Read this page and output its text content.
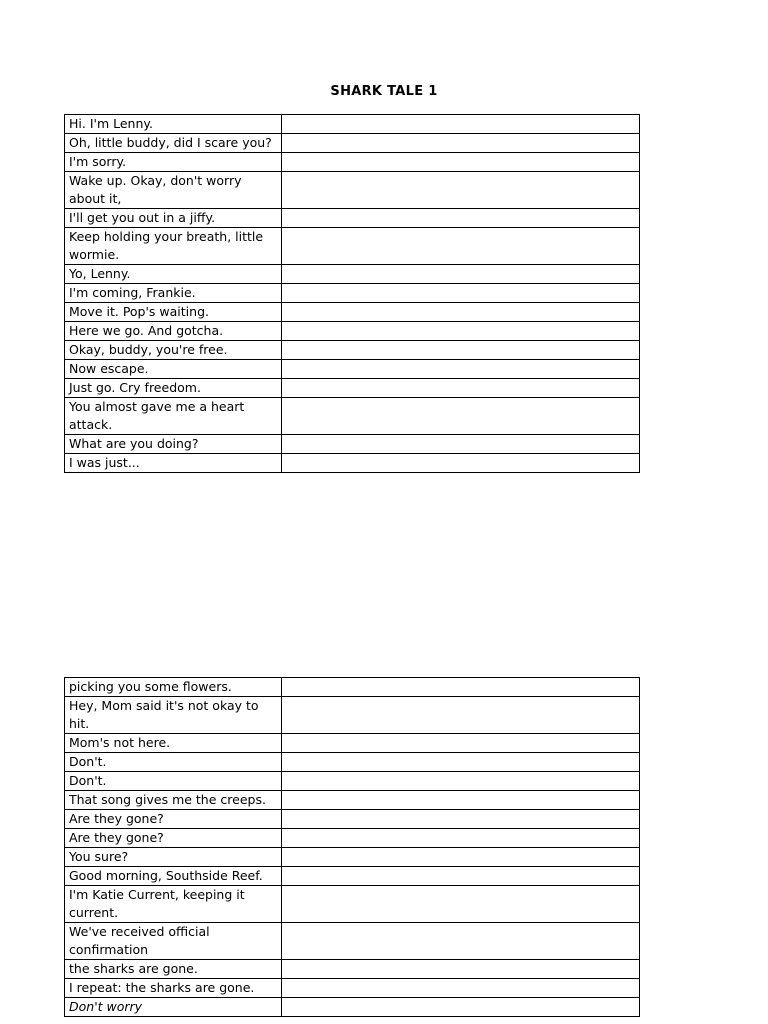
SHARK TALE 1
Hi. I'm Lenny.	
Oh, little buddy, did I scare you?	
I'm sorry.	
Wake up. Okay, don't worry about it,	
I'll get you out in a jiffy.	
Keep holding your breath, little wormie.	
Yo, Lenny.	
I'm coming, Frankie.	
Move it. Pop's waiting.	
Here we go. And gotcha.	
Okay, buddy, you're free.	
Now escape.	
Just go. Cry freedom.	
You almost gave me a heart attack.	
What are you doing?	
I was just...	
picking you some flowers.	
Hey, Mom said it's not okay to hit.	
Mom's not here.	
Don't.	
Don't.	
That song gives me the creeps.	
Are they gone?	
Are they gone?	
You sure?	
Good morning, Southside Reef.	
I'm Katie Current, keeping it current.	
We've received official confirmation	
the sharks are gone.	
I repeat: the sharks are gone.	
Don't worry	
